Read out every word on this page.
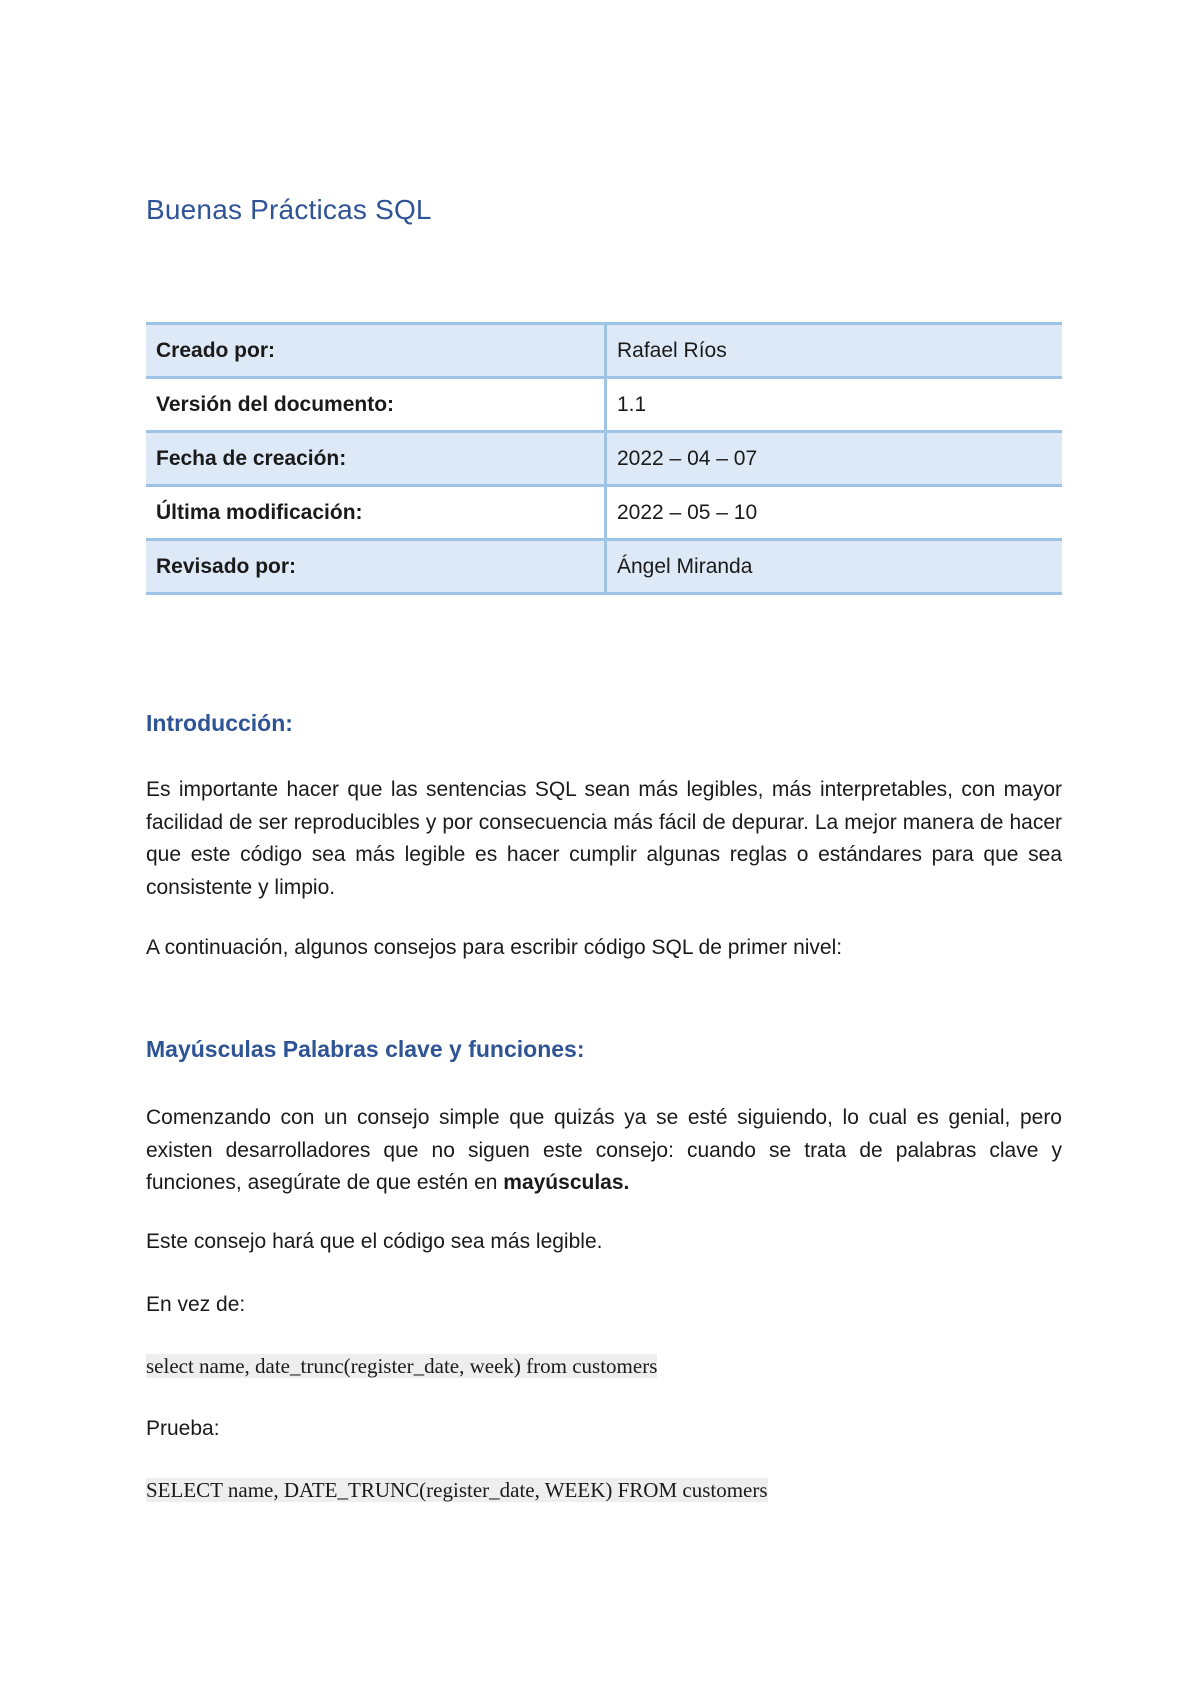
Buenas Prácticas SQL
Creado por:	Rafael Ríos
Versión del documento:	1.1
Fecha de creación:	2022 – 04 – 07
Última modificación:	2022 – 05 – 10
Revisado por:	Ángel Miranda
Introducción:

Es importante hacer que las sentencias SQL sean más legibles, más interpretables, con mayor facilidad de ser reproducibles y por consecuencia más fácil de depurar. La mejor manera de hacer que este código sea más legible es hacer cumplir algunas reglas o estándares para que sea consistente y limpio.

A continuación, algunos consejos para escribir código SQL de primer nivel:

Mayúsculas Palabras clave y funciones:

Comenzando con un consejo simple que quizás ya se esté siguiendo, lo cual es genial, pero existen desarrolladores que no siguen este consejo: cuando se trata de palabras clave y funciones, asegúrate de que estén en mayúsculas.

Este consejo hará que el código sea más legible.

En vez de:

select name, date_trunc(register_date, week) from customers

Prueba:

SELECT name, DATE_TRUNC(register_date, WEEK) FROM customers
